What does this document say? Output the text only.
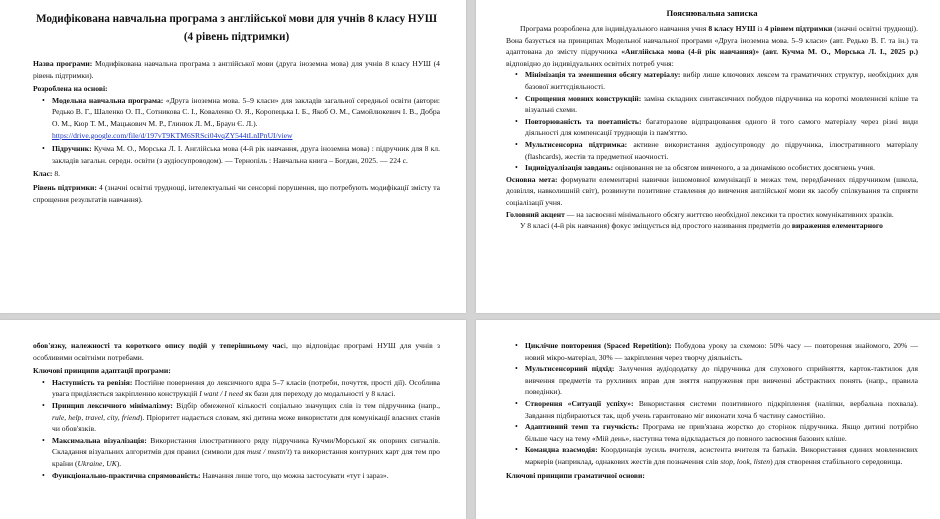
Модифікована навчальна програма з англійської мови для учнів 8 класу НУШ
(4 рівень підтримки)

Назва програми: Модифікована навчальна програма з англійської мови (друга іноземна мова) для учнів 8 класу НУШ (4 рівень підтримки).

Розроблена на основі:

• Модельна навчальна програма: «Друга іноземна мова. 5–9 класи» для закладів загальної середньої освіти (автори: Редько В. Г., Шаленко О. П., Сотникова С. І., Коваленко О. Я., Коропецька І. Б., Якоб О. М., Самойлюкевич І. В., Добра О. М., Кюр Т. М., Мацькович М. Р., Глинюк Л. М., Браун Є. Л.).
https://drive.google.com/file/d/197vT9KTM6SRSci04vqZY544tLnIPnUI/view
• Підручник: Кучма М. О., Морська Л. І. Англійська мова (4-й рік навчання, друга іноземна мова) : підручник для 8 кл. закладів загальн. середн. освіти (з аудіосупроводом). — Тернопіль : Навчальна книга – Богдан, 2025. — 224 с.

Клас: 8.

Рівень підтримки: 4 (значні освітні труднощі, інтелектуальні чи сенсорні порушення, що потребують модифікації змісту та спрощення результатів навчання).

Пояснювальна записка

Програма розроблена для індивідуального навчання учня 8 класу НУШ із 4 рівнем підтримки (значні освітні труднощі). Вона базується на принципах Модельної навчальної програми «Друга іноземна мова. 5–9 класи» (авт. Редько В. Г. та ін.) та адаптована до змісту підручника «Англійська мова (4-й рік навчання)» (авт. Кучма М. О., Морська Л. І., 2025 р.) відповідно до індивідуальних освітніх потреб учня:

• Мінімізація та зменшення обсягу матеріалу: вибір лише ключових лексем та граматичних структур, необхідних для базової життєдіяльності.
• Спрощення мовних конструкцій: заміна складних синтаксичних побудов підручника на короткі мовленнєві кліше та візуальні схеми.
• Повторюваність та поетапність: багаторазове відпрацювання одного й того самого матеріалу через різні види діяльності для компенсації труднощів із пам'яттю.
• Мультисенсорна підтримка: активне використання аудіосупроводу до підручника, ілюстративного матеріалу (flashcards), жестів та предметної наочності.
• Індивідуалізація завдань: оцінювання не за обсягом вивченого, а за динамікою особистих досягнень учня.

Основна мета: формувати елементарні навички іншомовної комунікації в межах тем, передбачених підручником (школа, дозвілля, навколишній світ), розвинути позитивне ставлення до вивчення англійської мови як засобу спілкування та сприяти соціалізації учня.

Головний акцент — на засвоєнні мінімального обсягу життєво необхідної лексики та простих комунікативних зразків.

У 8 класі (4-й рік навчання) фокус зміщується від простого називання предметів до вираження елементарного

обов'язку, належності та короткого опису подій у теперішньому часі, що відповідає програмі НУШ для учнів з особливими освітніми потребами.

Ключові принципи адаптації програми:

• Наступність та ревізія: Постійне повернення до лексичного ядра 5–7 класів (потреби, почуття, прості дії). Особлива увага приділяється закріпленню конструкцій I want / I need як бази для переходу до модальності у 8 класі.
• Принцип лексичного мінімалізму: Відбір обмеженої кількості соціально значущих слів із тем підручника (напр., rule, help, travel, city, friend). Пріоритет надається словам, які дитина може використати для комунікації власних станів чи обов'язків.
• Максимальна візуалізація: Використання ілюстративного ряду підручника Кучми/Морської як опорних сигналів. Складання візуальних алгоритмів для правил (символи для must / mustn't) та використання контурних карт для тем про країни (Ukraine, UK).
• Функціонально-практична спрямованість: Навчання лише того, що можна застосувати «тут і зараз».
• Циклічне повторення (Spaced Repetition): Побудова уроку за схемою: 50% часу — повторення знайомого, 20% — новий мікро-матеріал, 30% — закріплення через творчу діяльність.
• Мультисенсорний підхід: Залучення аудіододатку до підручника для слухового сприйняття, карток-тактилок для вивчення предметів та рухливих вправ для зняття напруження при вивченні абстрактних понять (напр., правила поведінки).
• Створення «Ситуації успіху»: Використання системи позитивного підкріплення (наліпки, вербальна похвала). Завдання підбираються так, щоб учень гарантовано міг виконати хоча б частину самостійно.
• Адаптивний темп та гнучкість: Програма не прив'язана жорстко до сторінок підручника. Якщо дитині потрібно більше часу на тему «Мій день», наступна тема відкладається до повного засвоєння базових кліше.
• Командна взаємодія: Координація зусиль вчителя, асистента вчителя та батьків. Використання єдиних мовленнєвих маркерів (наприклад, однакових жестів для позначення слів stop, look, listen) для створення стабільного середовища.

Ключові принципи граматичної основи:
